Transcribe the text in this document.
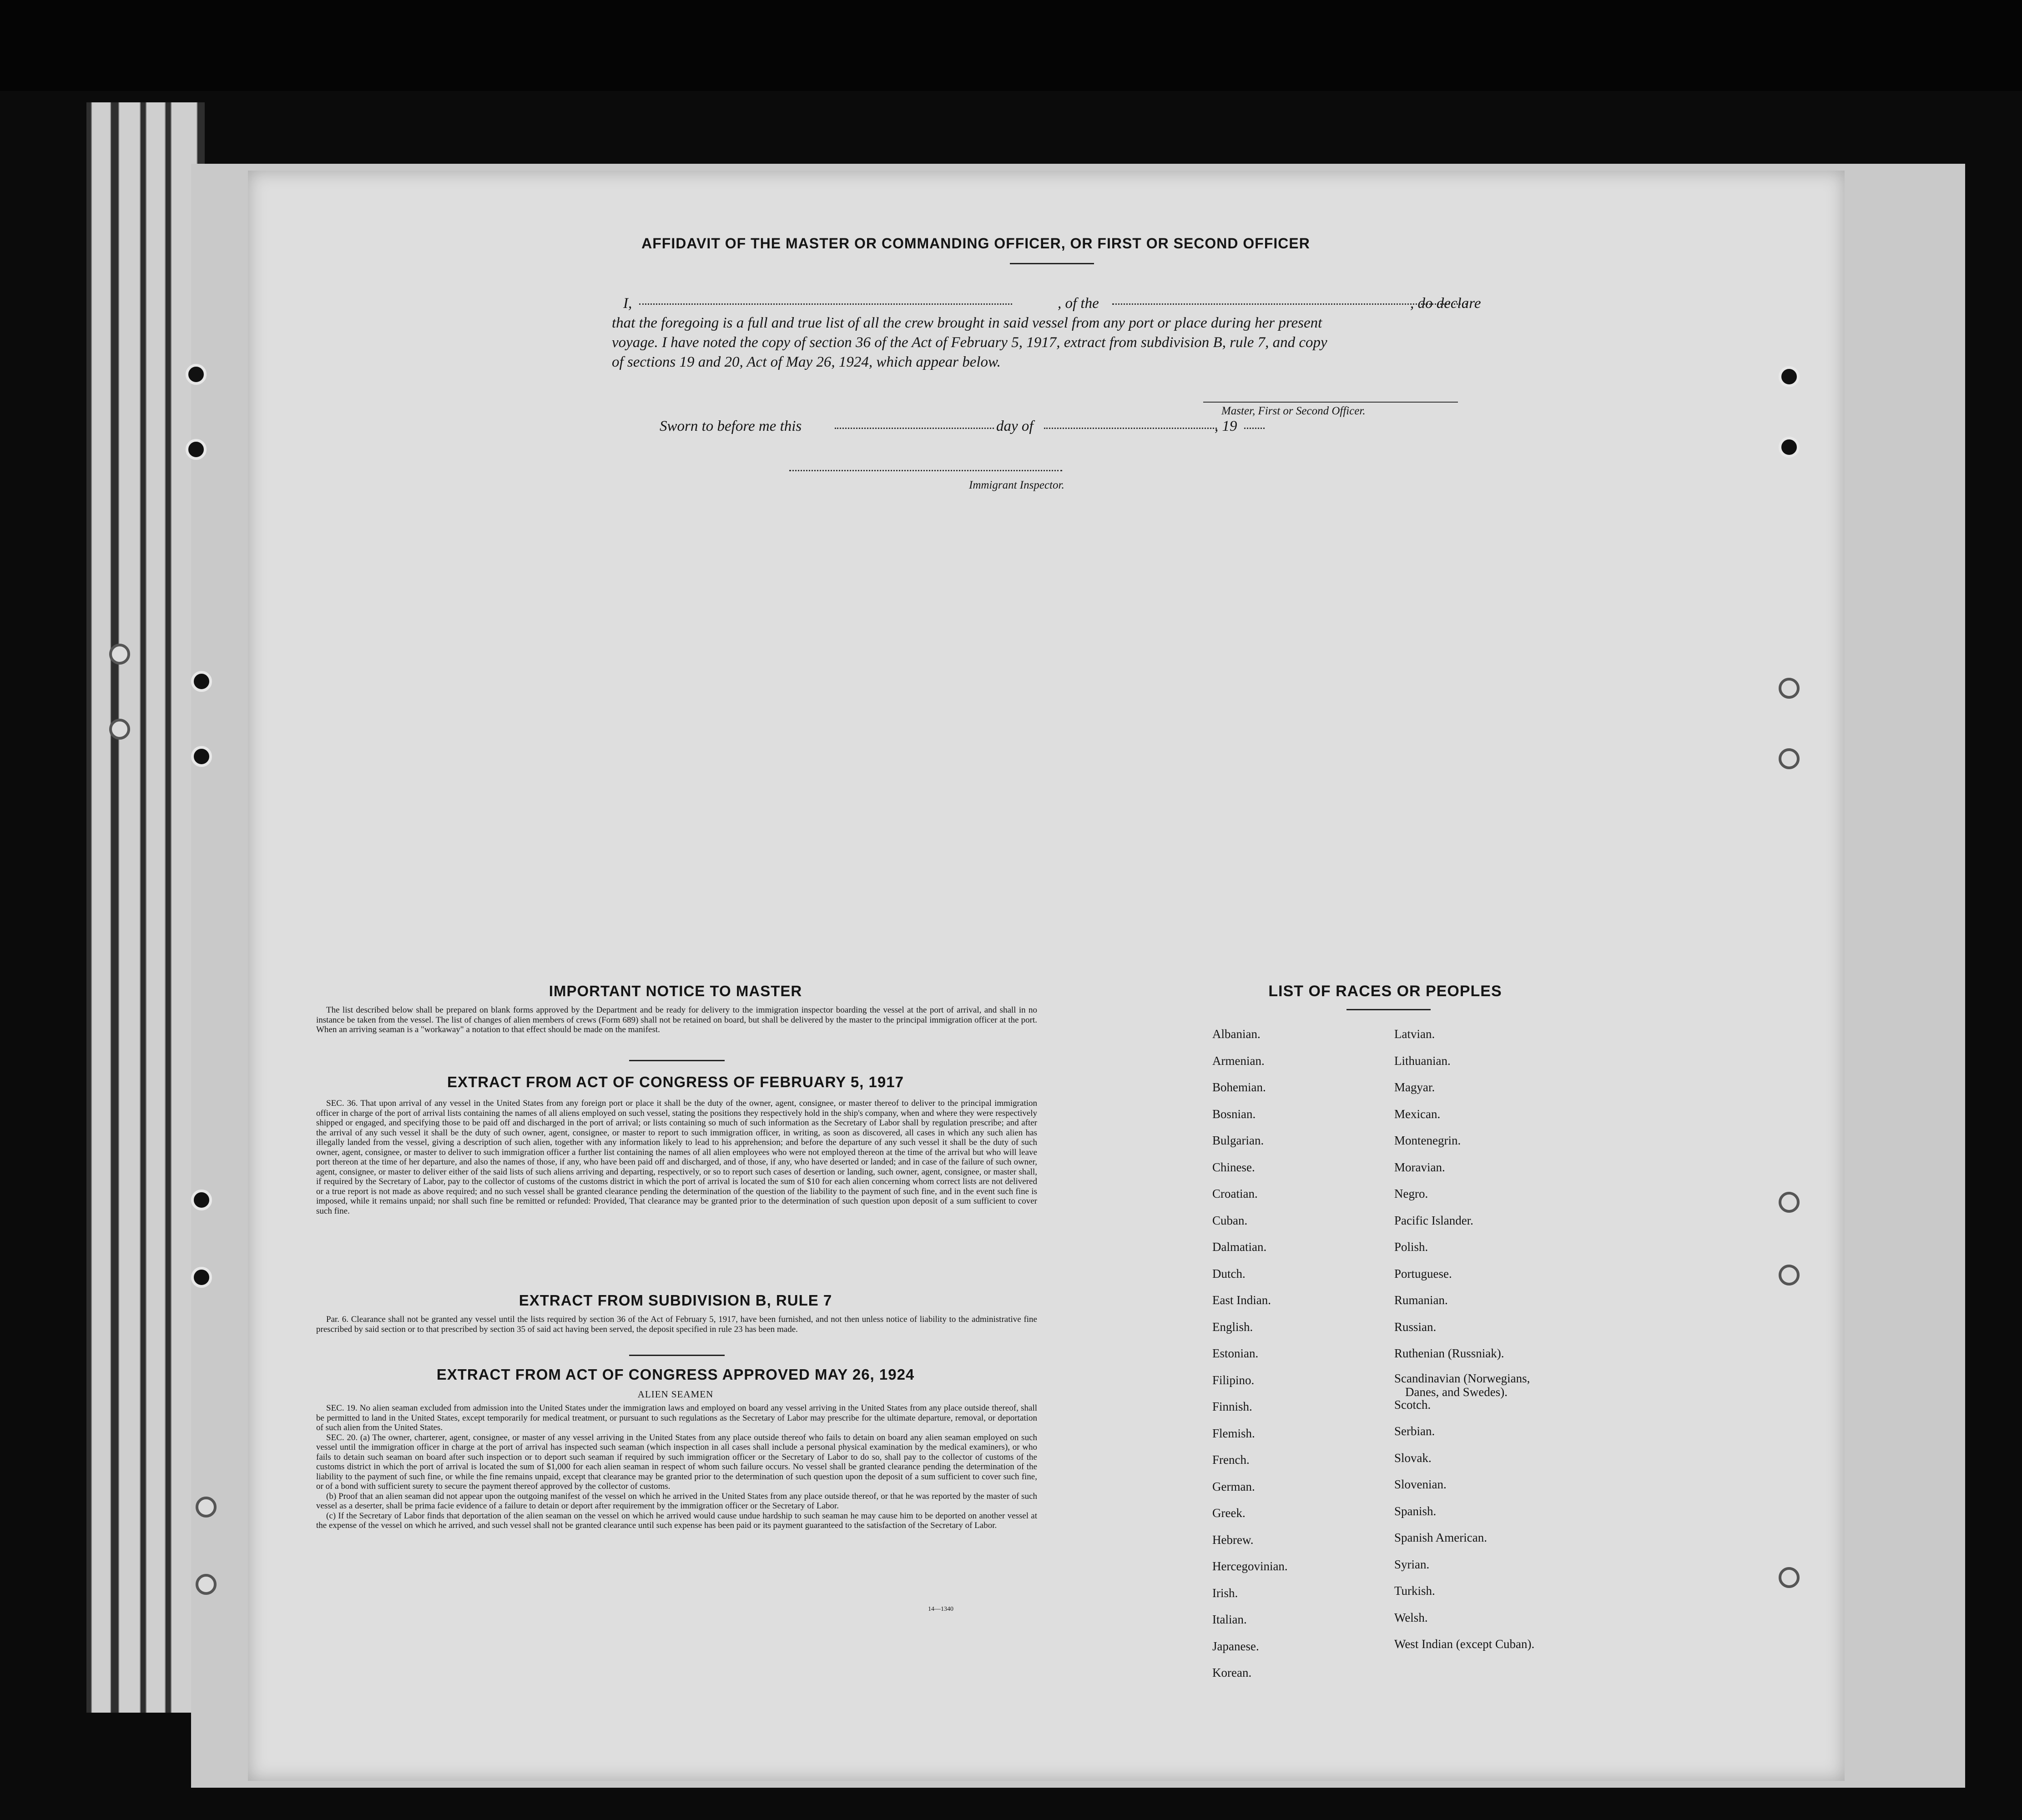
AFFIDAVIT OF THE MASTER OR COMMANDING OFFICER, OR FIRST OR SECOND OFFICER
I,	, of the	, do declare
that the foregoing is a full and true list of all the crew brought in said vessel from any port or place during her present
voyage. I have noted the copy of section 36 of the Act of February 5, 1917, extract from subdivision B, rule 7, and copy
of sections 19 and 20, Act of May 26, 1924, which appear below.
Master, First or Second Officer.
Sworn to before me this	day of	, 19
Immigrant Inspector.
IMPORTANT NOTICE TO MASTER

The list described below shall be prepared on blank forms approved by the Department and be ready for delivery to the immigration inspector boarding the vessel at the port of arrival, and shall in no instance be taken from the vessel. The list of changes of alien members of crews (Form 689) shall not be retained on board, but shall be delivered by the master to the principal immigration officer at the port. When an arriving seaman is a "workaway" a notation to that effect should be made on the manifest.

EXTRACT FROM ACT OF CONGRESS OF FEBRUARY 5, 1917

SEC. 36. That upon arrival of any vessel in the United States from any foreign port or place it shall be the duty of the owner, agent, consignee, or master thereof to deliver to the principal immigration officer in charge of the port of arrival lists containing the names of all aliens employed on such vessel, stating the positions they respectively hold in the ship's company, when and where they were respectively shipped or engaged, and specifying those to be paid off and discharged in the port of arrival; or lists containing so much of such information as the Secretary of Labor shall by regulation prescribe; and after the arrival of any such vessel it shall be the duty of such owner, agent, consignee, or master to report to such immigration officer, in writing, as soon as discovered, all cases in which any such alien has illegally landed from the vessel, giving a description of such alien, together with any information likely to lead to his apprehension; and before the departure of any such vessel it shall be the duty of such owner, agent, consignee, or master to deliver to such immigration officer a further list containing the names of all alien employees who were not employed thereon at the time of the arrival but who will leave port thereon at the time of her departure, and also the names of those, if any, who have been paid off and discharged, and of those, if any, who have deserted or landed; and in case of the failure of such owner, agent, consignee, or master to deliver either of the said lists of such aliens arriving and departing, respectively, or so to report such cases of desertion or landing, such owner, agent, consignee, or master shall, if required by the Secretary of Labor, pay to the collector of customs of the customs district in which the port of arrival is located the sum of $10 for each alien concerning whom correct lists are not delivered or a true report is not made as above required; and no such vessel shall be granted clearance pending the determination of the question of the liability to the payment of such fine, and in the event such fine is imposed, while it remains unpaid; nor shall such fine be remitted or refunded: Provided, That clearance may be granted prior to the determination of such question upon deposit of a sum sufficient to cover such fine.

EXTRACT FROM SUBDIVISION B, RULE 7

Par. 6. Clearance shall not be granted any vessel until the lists required by section 36 of the Act of February 5, 1917, have been furnished, and not then unless notice of liability to the administrative fine prescribed by said section or to that prescribed by section 35 of said act having been served, the deposit specified in rule 23 has been made.

EXTRACT FROM ACT OF CONGRESS APPROVED MAY 26, 1924
ALIEN SEAMEN

SEC. 19. No alien seaman excluded from admission into the United States under the immigration laws and employed on board any vessel arriving in the United States from any place outside thereof, shall be permitted to land in the United States, except temporarily for medical treatment, or pursuant to such regulations as the Secretary of Labor may prescribe for the ultimate departure, removal, or deportation of such alien from the United States.

SEC. 20. (a) The owner, charterer, agent, consignee, or master of any vessel arriving in the United States from any place outside thereof who fails to detain on board any alien seaman employed on such vessel until the immigration officer in charge at the port of arrival has inspected such seaman (which inspection in all cases shall include a personal physical examination by the medical examiners), or who fails to detain such seaman on board after such inspection or to deport such seaman if required by such immigration officer or the Secretary of Labor to do so, shall pay to the collector of customs of the customs district in which the port of arrival is located the sum of $1,000 for each alien seaman in respect of whom such failure occurs. No vessel shall be granted clearance pending the determination of the liability to the payment of such fine, or while the fine remains unpaid, except that clearance may be granted prior to the determination of such question upon the deposit of a sum sufficient to cover such fine, or of a bond with sufficient surety to secure the payment thereof approved by the collector of customs.

(b) Proof that an alien seaman did not appear upon the outgoing manifest of the vessel on which he arrived in the United States from any place outside thereof, or that he was reported by the master of such vessel as a deserter, shall be prima facie evidence of a failure to detain or deport after requirement by the immigration officer or the Secretary of Labor.

(c) If the Secretary of Labor finds that deportation of the alien seaman on the vessel on which he arrived would cause undue hardship to such seaman he may cause him to be deported on another vessel at the expense of the vessel on which he arrived, and such vessel shall not be granted clearance until such expense has been paid or its payment guaranteed to the satisfaction of the Secretary of Labor.

14—1340
LIST OF RACES OR PEOPLES
Albanian.
Armenian.
Bohemian.
Bosnian.
Bulgarian.
Chinese.
Croatian.
Cuban.
Dalmatian.
Dutch.
East Indian.
English.
Estonian.
Filipino.
Finnish.
Flemish.
French.
German.
Greek.
Hebrew.
Hercegovinian.
Irish.
Italian.
Japanese.
Korean.
Latvian.
Lithuanian.
Magyar.
Mexican.
Montenegrin.
Moravian.
Negro.
Pacific Islander.
Polish.
Portuguese.
Rumanian.
Russian.
Ruthenian (Russniak).
Scandinavian (Norwegians,
Danes, and Swedes).
Scotch.
Serbian.
Slovak.
Slovenian.
Spanish.
Spanish American.
Syrian.
Turkish.
Welsh.
West Indian (except Cuban).
